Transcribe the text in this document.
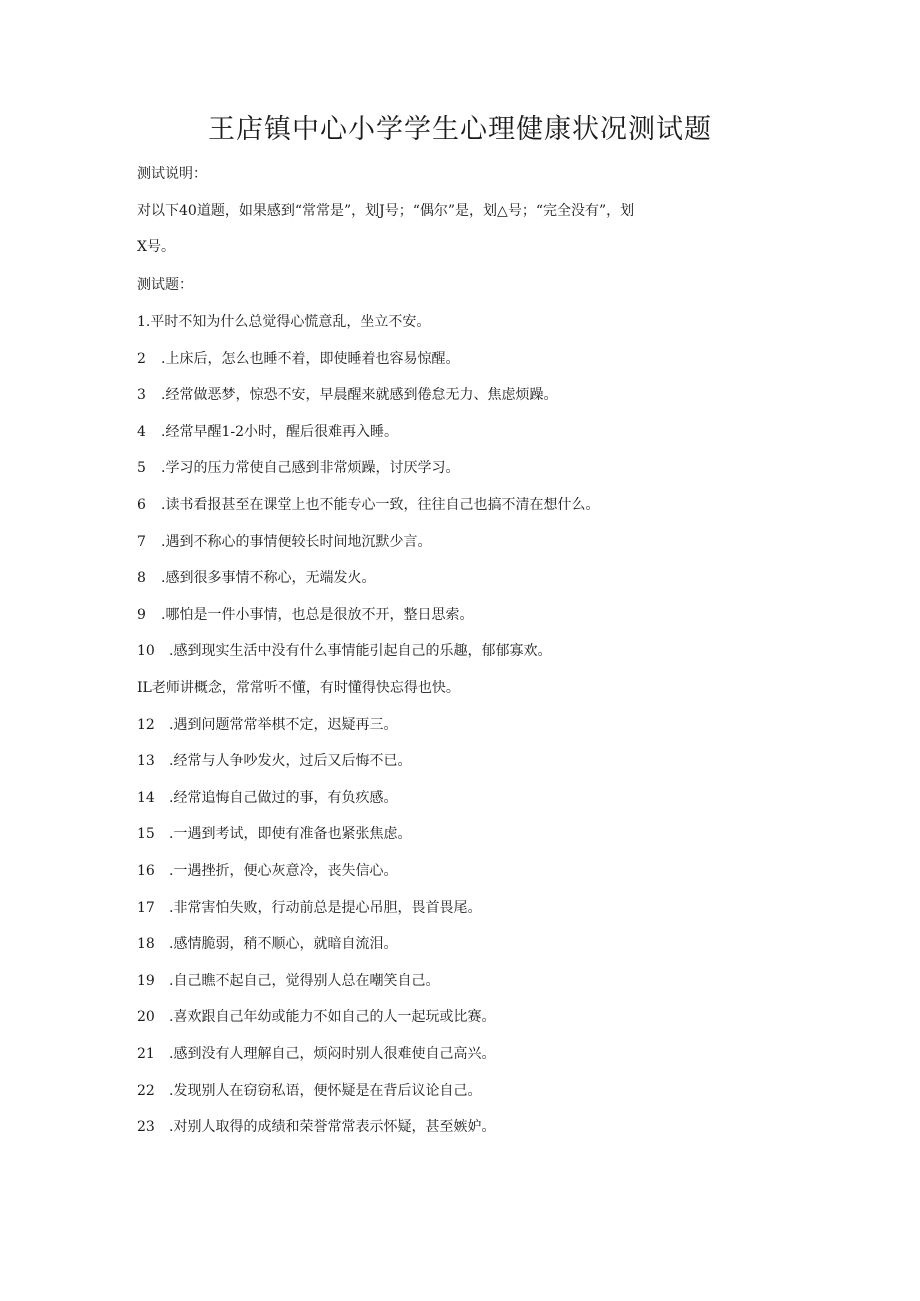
王店镇中心小学学生心理健康状况测试题
测试说明：
对以下40道题，如果感到“常常是”，划J号；“偶尔”是，划△号；“完全没有”，划
X号。
测试题：
1.平时不知为什么总觉得心慌意乱，坐立不安。
2 .上床后，怎么也睡不着，即使睡着也容易惊醒。
3 .经常做恶梦，惊恐不安，早晨醒来就感到倦怠无力、焦虑烦躁。
4 .经常早醒1-2小时，醒后很难再入睡。
5 .学习的压力常使自己感到非常烦躁，讨厌学习。
6 .读书看报甚至在课堂上也不能专心一致，往往自己也搞不清在想什么。
7 .遇到不称心的事情便较长时间地沉默少言。
8 .感到很多事情不称心，无端发火。
9 .哪怕是一件小事情，也总是很放不开，整日思索。
10 .感到现实生活中没有什么事情能引起自己的乐趣，郁郁寡欢。
IL老师讲概念，常常听不懂，有时懂得快忘得也快。
12 .遇到问题常常举棋不定，迟疑再三。
13 .经常与人争吵发火，过后又后悔不已。
14 .经常追悔自己做过的事，有负疚感。
15 .一遇到考试，即使有准备也紧张焦虑。
16 .一遇挫折，便心灰意冷，丧失信心。
17 .非常害怕失败，行动前总是提心吊胆，畏首畏尾。
18 .感情脆弱，稍不顺心，就暗自流泪。
19 .自己瞧不起自己，觉得别人总在嘲笑自己。
20 .喜欢跟自己年幼或能力不如自己的人一起玩或比赛。
21 .感到没有人理解自己，烦闷时别人很难使自己高兴。
22 .发现别人在窃窃私语，便怀疑是在背后议论自己。
23 .对别人取得的成绩和荣誉常常表示怀疑，甚至嫉妒。
